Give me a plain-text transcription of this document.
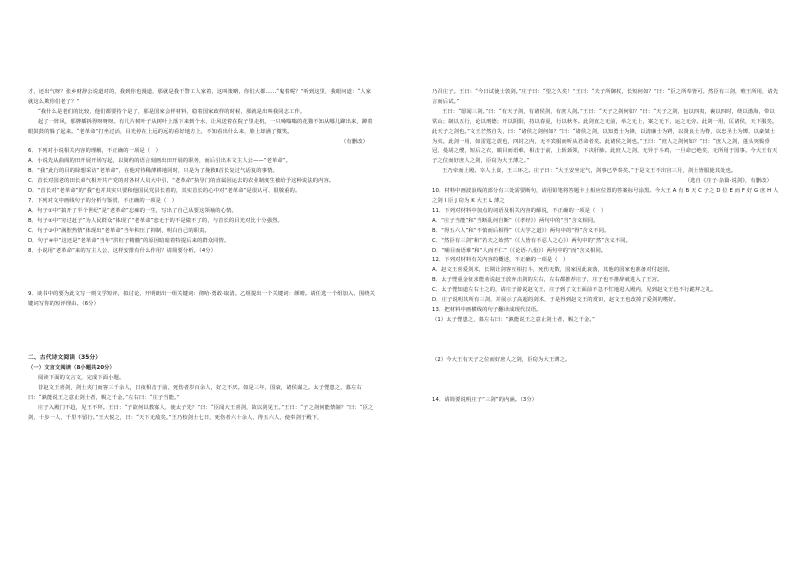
才，还出气呀？张乡财辞公说道对的，我到你也漫道，那就是我干警工人家着，这叫策略，你们大都……“鬼着呢？”听到这里，我眼问道：“人家就这么欺你们老了？”

“我什么是老们的比较，他们都要持个是了，那是国家会样材料，稳着国家政样的时候，那就是出叫我同志工作。

起了一阵风，那牌插拆得呀呀呀。有几片树叶子从树叶上落下来到个水，让风送着在院子里走机，一只嗓嗡嗡的花猫不知从哪儿蹿出来，蹲着眼鼓鼓的躲了起来。“老革命”打坐过活，目光停在上远的远的看好地方上，不知看出什么来，脸上却满了微笑。

（有删改）

6．下列对小说相关内容的理解，不正确的一项是（　）

A．小说先从曲阁的田开展开场写起，以简约的语言刻画出田开展的职务，而后引出本文主人公——“老革命”。

B．“我”此行的目的除想采访“老革命”，在他对待稀薄耕地同时，只是为了挽救Ⅱ首长复过气话复的事情。

C．首长对国老的田长弟气相开共产党的对各材人员大中引，“老革命”执导门的直属因运去的农业制度生被给予这种说法的内容。

D．“首长对“老革命”的“我”也并其实只要和他国民党县长着的，其实首长的心中对“老革命”是很认可、很敬重的。

7．下列对文中画线句子的分析与鉴赏，不正确的一项是（　）

A．句子①中“搞开了半个世纪”是“老革命”忘痴的一生，写出了自己从要这领袖的心情。

B．句子②中“穷过赶子”为人民群众“体现了“老革命”恋无于的不是做不了的，与首长的目光对比十分强烈。

C．句子③中“满腔热情”体现出“老革命”当年积压了抑制，明白自己的职责。

D．句子④中“这还是“老革命”当年“洪杠子精髓”的原因暗暗着特提后来的群众同情。

8．小说用“老革命”来的写主人公，这样安排有什么作用？请简要分析。（4分）

9．谈书中的要为此文写一则文学短评，拟讨论，开明朗出一组关键词：彻哈·勇敢·取清。乙组提出一个关键词：颜晴。请任选一个组加入，围绕关键词写你的短评理由。（6分）

二、古代诗文阅读（35分）

（一）文言文阅读（8小题共20分）

阅读下面的文言文，完成下面小题。

昔赵文王喜剑，剑士夹门而客三千余人，日夜相击于前，死伤者岁百余人，好之不厌。如是三年，国衰，诸侯谋之。太子悝患之，募左右曰：“孰能说王之意止剑士者，赐之千金。”左右曰：“庄子当能。”

庄子入殿门不趋，见王不拜。王曰：“子欲何以教寡人，使太子先？”曰：“臣闻大王喜剑，故以剑见王。”王曰：“子之剑何能禁制？”曰：“臣之剑，十步一人，千里不留行。”王大悦之，曰：“天下无敌矣。”王乃校剑士七日，死伤者六十余人，得五六人，使奉剑于殿下，

乃召庄子。王曰：“今日试使士敦剑。”庄子曰：“望之久矣！”王曰：“夫子所御杖，长短何如？”曰：“臣之所奉皆可。然臣有三剑，唯王所用，请先言而后试。”

王曰：“愿闻三剑。”曰：“有天子剑，有诸侯剑，有庶人剑。”王曰：“天子之剑何如？”曰：“天子之剑，包以四夷，裹以四时，绕以渤海，带以常山；制以五行，论以刑德；开以阴阳，持以春夏，行以秋冬。此剑直之无前，举之无上，案之无下，运之无旁。此剑一用，匡诸侯，天下服矣。此天子之剑也。”文王芒然自失，曰：“诸侯之剑何如？”曰：“诸侯之剑，以知勇士为锋，以清廉士为锷，以贤良士为脊，以忠圣士为镡，以豪桀士为夹。此剑一用，如雷霆之震也，四封之内，无不宾服而听从君命者矣。此诸侯之剑也。”王曰：“庶人之剑何如？”曰：“庶人之剑，蓬头突鬓垂冠，曼胡之缨，短后之衣，瞋目而语难，相击于前，上斩颈领，下决肝肺。此庶人之剑，无异于斗鸡，一旦命已绝矣，无所用于国事。今大王有天子之位而好庶人之剑，臣窃为大王薄之。”

王乃牵而上殿。宰人上食，王三环之。庄子曰：“大王安坐定气，剑事已毕奏矣。”于是文王不出宫三月，剑士皆服毙其处也。

（选自《庄子·杂篇·说剑》，有删改）

10．材料中画波浪线的部分有三处需要断句，请用铅笔将答题卡上相应位置的答案标号涂黑。今大王 A 有 B 天 C 子之 D 位 E 而 F 好 G 庶 H 人之剑 I 臣 J 窃为 K 大王 L 薄之

11．下列对材料中加点的词语及相关内容的解说，不正确的一项是（　）

A．“庄子当能”和“当断乱何自断”（《孝经》）两句中的“当”含义相同。

B．“得五六人”和“不慎而后相得”（《大学之道》）两句中的“得”含义不同。

C．“然臣有三剑”和“若夫之始然”（《人皆有不忍人之心》）两句中的“然”含义不同。

D．“哺目而语难”和“人而不仁”（《论语·八佾》）两句中的“而”含义相同。

12．下列对材料有关内容的概述，不正确的一项是（　）

A．赵文王喜爱剑术，长期让剑客互相打斗，死伤无数，国家因此衰落，其他的国家也准备对付赵国。

B．太子悝重金征求能劝说赵王放弃击剑的左右，左右都推荐庄子，庄子也不推辞就进入了王宫。

C．太子悝知道左右士之的，请庄子游说赵文王，庄子到了文王面前不急不忙地进入殿内，见到赵文王也不行跪拜之礼。

D．庄子说明其所有三剑，并展示了高超的剑术，于是得到赵文王的赏识，赵文王也改掉了爱剑的嗜好。

13．把材料中画横线的句子翻译成现代汉语。

（1）太子悝患之，募左右曰：“孰能说王之意止剑士者，赐之千金。”

（2）今大王有天子之位而好庶人之剑，臣窃为大王薄之。

14．请简要说明庄子“三剑”的内涵。（3分）
